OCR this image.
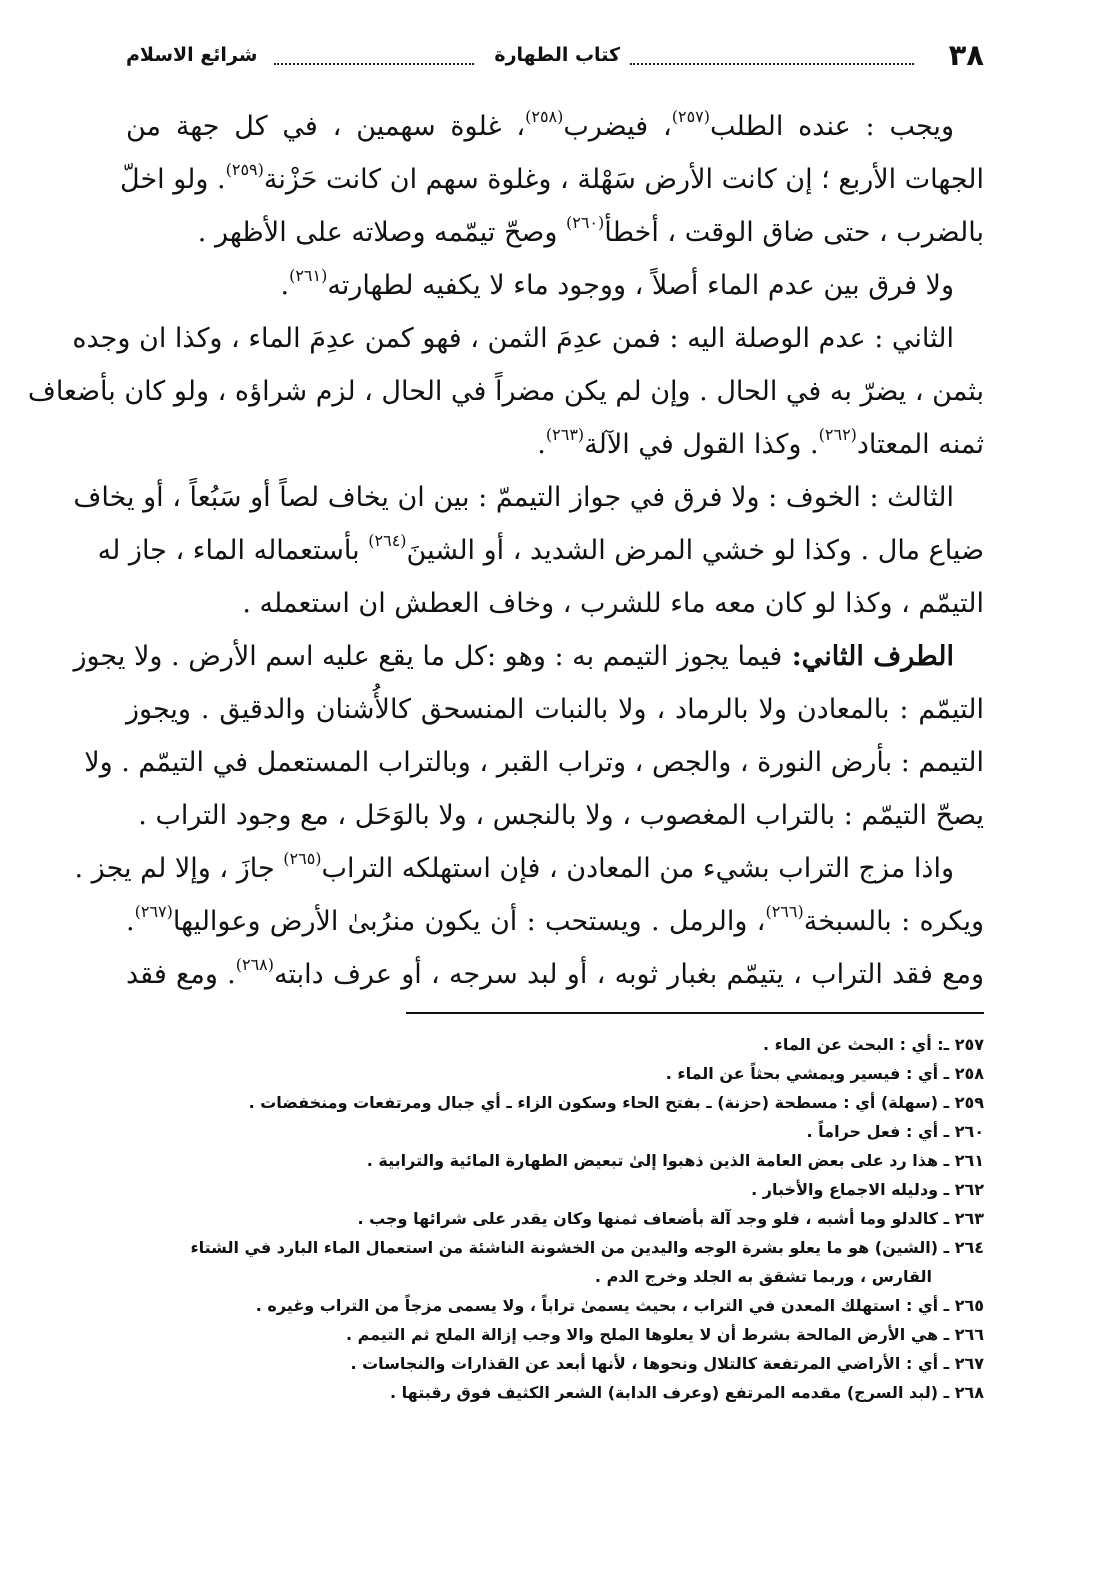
٣٨
كتاب الطهارة
شرائع الاسلام
ويجب : عنده الطلب$^{(٢٥٧)}$، فيضرب$^{(٢٥٨)}$، غلوة سهمين ، في كل جهة من
الجهات الأربع ؛ إن كانت الأرض سَهْلة ، وغلوة سهم ان كانت حَزْنة$^{(٢٥٩)}$. ولو اخلّ
بالضرب ، حتى ضاق الوقت ، أخطأ$^{(٢٦٠)}$ وصحّ تيمّمه وصلاته على الأظهر .
ولا فرق بين عدم الماء أصلاً ، ووجود ماء لا يكفيه لطهارته$^{(٢٦١)}$.
الثاني : عدم الوصلة اليه : فمن عدِمَ الثمن ، فهو كمن عدِمَ الماء ، وكذا ان وجده
بثمن ، يضرّ به في الحال . وإن لم يكن مضراً في الحال ، لزم شراؤه ، ولو كان بأضعاف
ثمنه المعتاد$^{(٢٦٢)}$. وكذا القول في الآلة$^{(٢٦٣)}$.
الثالث : الخوف : ولا فرق في جواز التيممّ : بين ان يخاف لصاً أو سَبُعاً ، أو يخاف
ضياع مال . وكذا لو خشي المرض الشديد ، أو الشينَ$^{(٢٦٤)}$ بأستعماله الماء ، جاز له
التيمّم ، وكذا لو كان معه ماء للشرب ، وخاف العطش ان استعمله .
الطرف الثاني: فيما يجوز التيمم به : وهو :كل ما يقع عليه اسم الأرض . ولا يجوز
التيمّم : بالمعادن ولا بالرماد ، ولا بالنبات المنسحق كالأُشنان والدقيق . ويجوز
التيمم : بأرض النورة ، والجص ، وتراب القبر ، وبالتراب المستعمل في التيمّم . ولا
يصحّ التيمّم : بالتراب المغصوب ، ولا بالنجس ، ولا بالوَحَل ، مع وجود التراب .
واذا مزج التراب بشيء من المعادن ، فإن استهلكه التراب$^{(٢٦٥)}$ جازَ ، وإلا لم يجز .
ويكره : بالسبخة$^{(٢٦٦)}$، والرمل . ويستحب : أن يكون منرُبیٰ الأرض وعواليها$^{(٢٦٧)}$.
ومع فقد التراب ، يتيمّم بغبار ثوبه ، أو لبد سرجه ، أو عرف دابته$^{(٢٦٨)}$. ومع فقد
٢٥٧ ـ: أي : البحث عن الماء .
٢٥٨ ـ أي : فيسير ويمشي بحثاً عن الماء .
٢٥٩ ـ (سهلة) أي : مسطحة (حزنة) ـ بفتح الحاء وسكون الزاء ـ أي جبال ومرتفعات ومنخفضات .
٢٦٠ ـ أي : فعل حراماً .
٢٦١ ـ هذا رد على بعض العامة الذين ذهبوا إلىٰ تبعيض الطهارة المائية والترابية .
٢٦٢ ـ ودليله الاجماع والأخبار .
٢٦٣ ـ كالدلو وما أشبه ، فلو وجد آلة بأضعاف ثمنها وكان يقدر على شرائها وجب .
٢٦٤ ـ (الشين) هو ما يعلو بشرة الوجه واليدين من الخشونة الناشئة من استعمال الماء البارد في الشتاء
القارس ، وربما تشقق به الجلد وخرج الدم .
٢٦٥ ـ أي : استهلك المعدن في التراب ، بحيث يسمىٰ تراباً ، ولا يسمى مزجاً من التراب وغيره .
٢٦٦ ـ هي الأرض المالحة بشرط أن لا يعلوها الملح والا وجب إزالة الملح ثم التيمم .
٢٦٧ ـ أي : الأراضي المرتفعة كالتلال ونحوها ، لأنها أبعد عن القذارات والنجاسات .
٢٦٨ ـ (لبد السرج) مقدمه المرتفع (وعرف الدابة) الشعر الكثيف فوق رقبتها .
